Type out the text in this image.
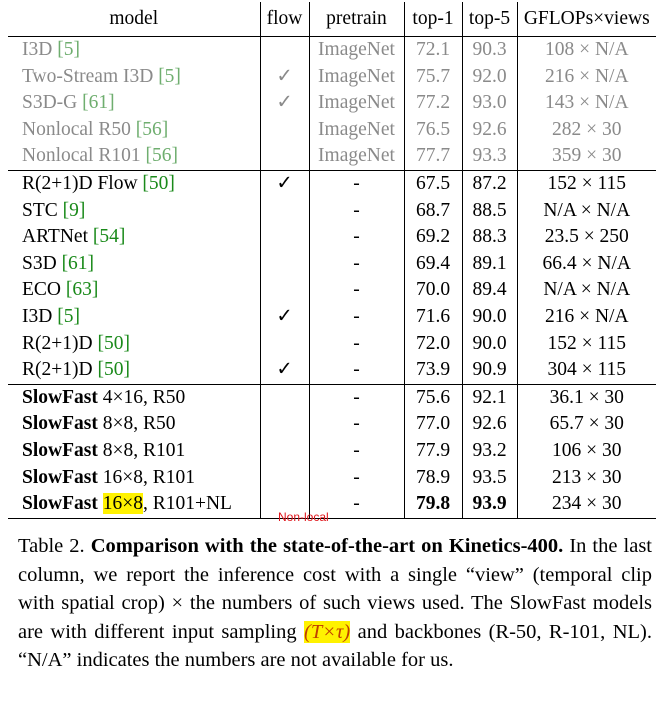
model	flow	pretrain	top-1	top-5	GFLOPs×views
I3D [5]		ImageNet	72.1	90.3	108 × N/A
Two-Stream I3D [5]	✓	ImageNet	75.7	92.0	216 × N/A
S3D-G [61]	✓	ImageNet	77.2	93.0	143 × N/A
Nonlocal R50 [56]		ImageNet	76.5	92.6	282 × 30
Nonlocal R101 [56]		ImageNet	77.7	93.3	359 × 30
R(2+1)D Flow [50]	✓	-	67.5	87.2	152 × 115
STC [9]		-	68.7	88.5	N/A × N/A
ARTNet [54]		-	69.2	88.3	23.5 × 250
S3D [61]		-	69.4	89.1	66.4 × N/A
ECO [63]		-	70.0	89.4	N/A × N/A
I3D [5]	✓	-	71.6	90.0	216 × N/A
R(2+1)D [50]		-	72.0	90.0	152 × 115
R(2+1)D [50]	✓	-	73.9	90.9	304 × 115
SlowFast 4×16, R50		-	75.6	92.1	36.1 × 30
SlowFast 8×8, R50		-	77.0	92.6	65.7 × 30
SlowFast 8×8, R101		-	77.9	93.2	106 × 30
SlowFast 16×8, R101		-	78.9	93.5	213 × 30
SlowFast 16×8, R101+NL		-	79.8	93.9	234 × 30
Non-local
Table 2. Comparison with the state-of-the-art on Kinetics-400. In the last column, we report the inference cost with a single “view” (temporal clip with spatial crop) × the numbers of such views used. The SlowFast models are with different input sampling (T×τ) and backbones (R-50, R-101, NL). “N/A” indicates the numbers are not available for us.
